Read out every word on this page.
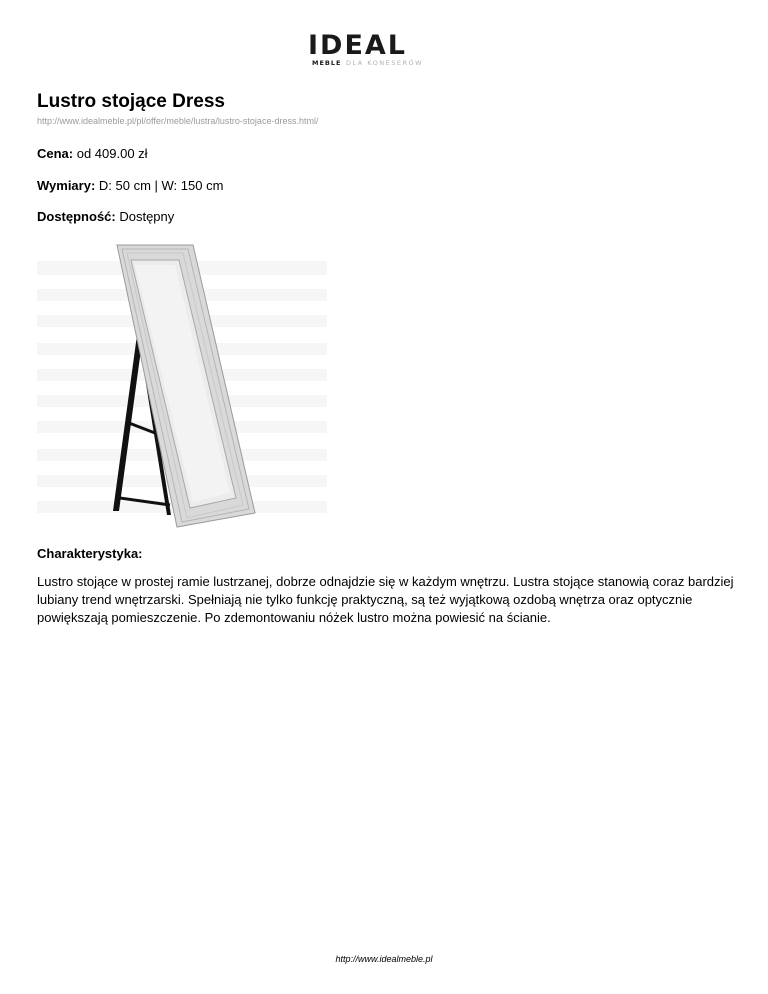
IDEAL
MEBLE DLA KONESERÓW
Lustro stojące Dress
http://www.idealmeble.pl/pl/offer/meble/lustra/lustro-stojace-dress.html/
Cena: od 409.00 zł
Wymiary: D: 50 cm | W: 150 cm
Dostępność: Dostępny
Charakterystyka:
Lustro stojące w prostej ramie lustrzanej, dobrze odnajdzie się w każdym wnętrzu. Lustra stojące stanowią coraz bardziej lubiany trend wnętrzarski. Spełniają nie tylko funkcję praktyczną, są też wyjątkową ozdobą wnętrza oraz optycznie powiększają pomieszczenie. Po zdemontowaniu nóżek lustro można powiesić na ścianie.
http://www.idealmeble.pl
